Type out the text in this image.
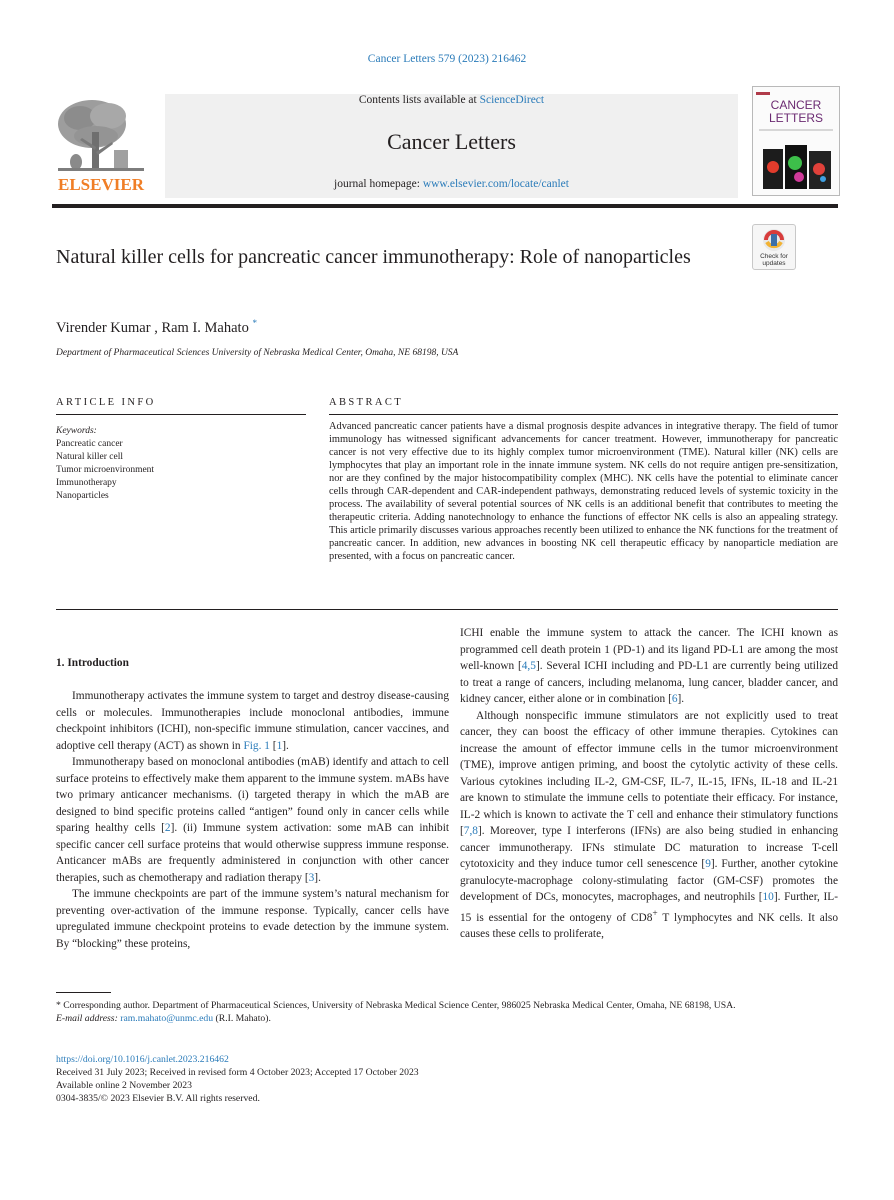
Cancer Letters 579 (2023) 216462
Contents lists available at ScienceDirect
Cancer Letters
journal homepage: www.elsevier.com/locate/canlet
ELSEVIER
CANCER
LETTERS
Check for updates
Natural killer cells for pancreatic cancer immunotherapy: Role of nanoparticles
Virender Kumar , Ram I. Mahato *
Department of Pharmaceutical Sciences University of Nebraska Medical Center, Omaha, NE 68198, USA
ARTICLE INFO	ABSTRACT
Keywords:
Pancreatic cancer
Natural killer cell
Tumor microenvironment
Immunotherapy
Nanoparticles
Advanced pancreatic cancer patients have a dismal prognosis despite advances in integrative therapy. The field of tumor immunology has witnessed significant advancements for cancer treatment. However, immunotherapy for pancreatic cancer is not very effective due to its highly complex tumor microenvironment (TME). Natural killer (NK) cells are lymphocytes that play an important role in the innate immune system. NK cells do not require antigen pre-sensitization, nor are they confined by the major histocompatibility complex (MHC). NK cells have the potential to eliminate cancer cells through CAR-dependent and CAR-independent pathways, demonstrating reduced levels of systemic toxicity in the process. The availability of several potential sources of NK cells is an additional benefit that contributes to meeting the therapeutic criteria. Adding nanotechnology to enhance the functions of effector NK cells is also an appealing strategy. This article primarily discusses various approaches recently been utilized to enhance the NK functions for the treatment of pancreatic cancer. In addition, new advances in boosting NK cell therapeutic efficacy by nanoparticle mediation are presented, with a focus on pancreatic cancer.
1. Introduction

Immunotherapy activates the immune system to target and destroy disease-causing cells or molecules. Immunotherapies include monoclonal antibodies, immune checkpoint inhibitors (ICHI), non-specific immune stimulation, cancer vaccines, and adoptive cell therapy (ACT) as shown in Fig. 1 [1].

Immunotherapy based on monoclonal antibodies (mAB) identify and attach to cell surface proteins to effectively make them apparent to the immune system. mABs have two primary anticancer mechanisms. (i) targeted therapy in which the mAB are designed to bind specific proteins called “antigen” found only in cancer cells while sparing healthy cells [2]. (ii) Immune system activation: some mAB can inhibit specific cancer cell surface proteins that would otherwise suppress immune response. Anticancer mABs are frequently administered in conjunction with other cancer therapies, such as chemotherapy and radiation therapy [3].

The immune checkpoints are part of the immune system’s natural mechanism for preventing over-activation of the immune response. Typically, cancer cells have upregulated immune checkpoint proteins to evade detection by the immune system. By “blocking” these proteins,

ICHI enable the immune system to attack the cancer. The ICHI known as programmed cell death protein 1 (PD-1) and its ligand PD-L1 are among the most well-known [4,5]. Several ICHI including and PD-L1 are currently being utilized to treat a range of cancers, including melanoma, lung cancer, bladder cancer, and kidney cancer, either alone or in combination [6].

Although nonspecific immune stimulators are not explicitly used to treat cancer, they can boost the efficacy of other immune therapies. Cytokines can increase the amount of effector immune cells in the tumor microenvironment (TME), improve antigen priming, and boost the cytolytic activity of these cells. Various cytokines including IL-2, GM-CSF, IL-7, IL-15, IFNs, IL-18 and IL-21 are known to stimulate the immune cells to potentiate their efficacy. For instance, IL-2 which is known to activate the T cell and enhance their stimulatory functions [7,8]. Moreover, type I interferons (IFNs) are also being studied in enhancing cancer immunotherapy. IFNs stimulate DC maturation to increase T-cell cytotoxicity and they induce tumor cell senescence [9]. Further, another cytokine granulocyte-macrophage colony-stimulating factor (GM-CSF) promotes the development of DCs, monocytes, macrophages, and neutrophils [10]. Further, IL-15 is essential for the ontogeny of CD8+ T lymphocytes and NK cells. It also causes these cells to proliferate,

* Corresponding author. Department of Pharmaceutical Sciences, University of Nebraska Medical Science Center, 986025 Nebraska Medical Center, Omaha, NE 68198, USA.
E-mail address: ram.mahato@unmc.edu (R.I. Mahato).
https://doi.org/10.1016/j.canlet.2023.216462
Received 31 July 2023; Received in revised form 4 October 2023; Accepted 17 October 2023
Available online 2 November 2023
0304-3835/© 2023 Elsevier B.V. All rights reserved.
